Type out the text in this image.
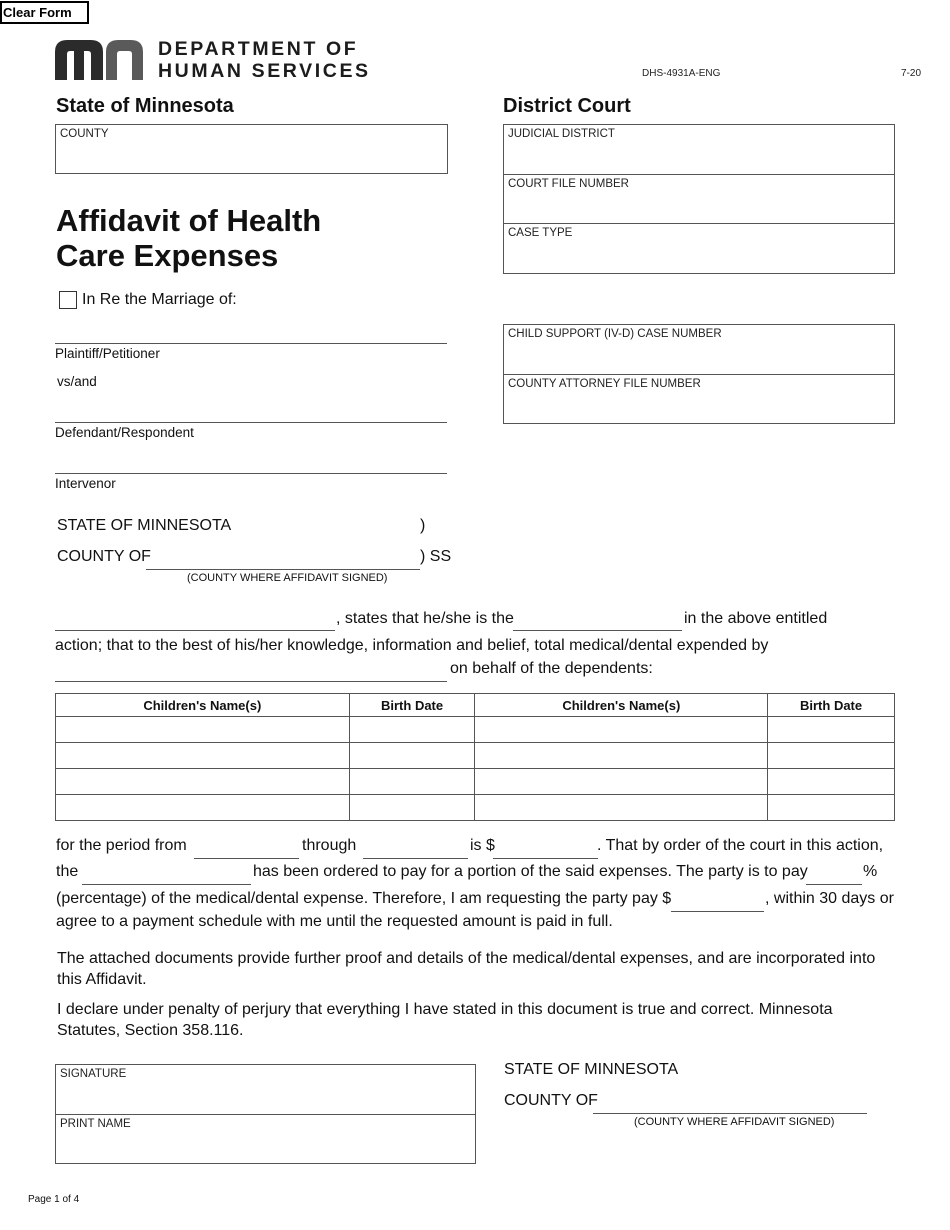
Clear Form
DEPARTMENT OF
HUMAN SERVICES	DHS-4931A-ENG	7-20
State of Minnesota	District Court
COUNTY	JUDICIAL DISTRICT
COURT FILE NUMBER
CASE TYPE
CHILD SUPPORT (IV-D) CASE NUMBER
COUNTY ATTORNEY FILE NUMBER
Affidavit of Health
Care Expenses
In Re the Marriage of:
Plaintiff/Petitioner
vs/and
Defendant/Respondent
Intervenor
STATE OF MINNESOTA	)
COUNTY OF	) SS
(COUNTY WHERE AFFIDAVIT SIGNED)
, states that he/she is the	in the above entitled
action; that to the best of his/her knowledge, information and belief, total medical/dental expended by
on behalf of the dependents:
Children's Name(s)	Birth Date	Children's Name(s)	Birth Date

for the period from	through	is $	. That by order of the court in this action,
the	has been ordered to pay for a portion of the said expenses. The party is to pay	%
(percentage) of the medical/dental expense. Therefore, I am requesting the party pay $	, within 30 days or
agree to a payment schedule with me until the requested amount is paid in full.
The attached documents provide further proof and details of the medical/dental expenses, and are incorporated into this Affidavit.
I declare under penalty of perjury that everything I have stated in this document is true and correct. Minnesota Statutes, Section 358.116.
SIGNATURE
PRINT NAME
STATE OF MINNESOTA
COUNTY OF
(COUNTY WHERE AFFIDAVIT SIGNED)
Page 1 of 4
